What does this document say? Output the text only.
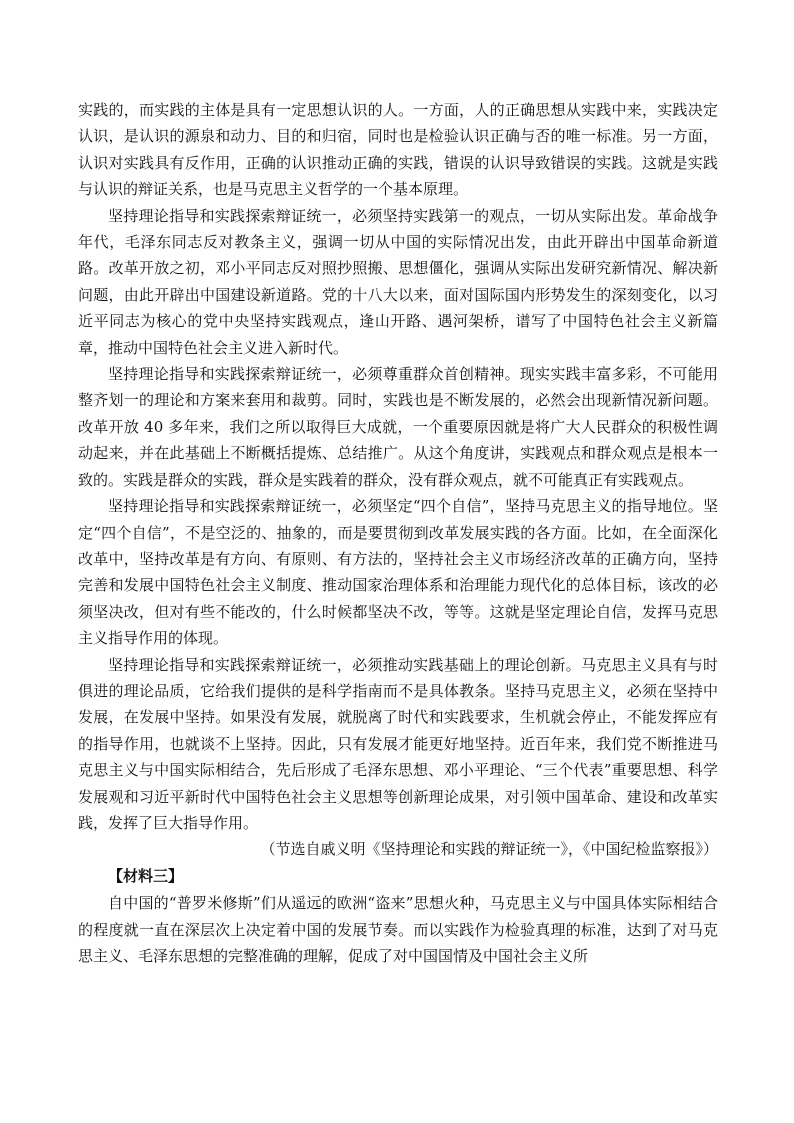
实践的，而实践的主体是具有一定思想认识的人。一方面，人的正确思想从实践中来，实践决定认识，是认识的源泉和动力、目的和归宿，同时也是检验认识正确与否的唯一标准。另一方面，认识对实践具有反作用，正确的认识推动正确的实践，错误的认识导致错误的实践。这就是实践与认识的辩证关系，也是马克思主义哲学的一个基本原理。

坚持理论指导和实践探索辩证统一，必须坚持实践第一的观点，一切从实际出发。革命战争年代，毛泽东同志反对教条主义，强调一切从中国的实际情况出发，由此开辟出中国革命新道路。改革开放之初，邓小平同志反对照抄照搬、思想僵化，强调从实际出发研究新情况、解决新问题，由此开辟出中国建设新道路。党的十八大以来，面对国际国内形势发生的深刻变化，以习近平同志为核心的党中央坚持实践观点，逢山开路、遇河架桥，谱写了中国特色社会主义新篇章，推动中国特色社会主义进入新时代。

坚持理论指导和实践探索辩证统一，必须尊重群众首创精神。现实实践丰富多彩，不可能用整齐划一的理论和方案来套用和裁剪。同时，实践也是不断发展的，必然会出现新情况新问题。改革开放 40 多年来，我们之所以取得巨大成就，一个重要原因就是将广大人民群众的积极性调动起来，并在此基础上不断概括提炼、总结推广。从这个角度讲，实践观点和群众观点是根本一致的。实践是群众的实践，群众是实践着的群众，没有群众观点，就不可能真正有实践观点。

坚持理论指导和实践探索辩证统一，必须坚定“四个自信”，坚持马克思主义的指导地位。坚定“四个自信”，不是空泛的、抽象的，而是要贯彻到改革发展实践的各方面。比如，在全面深化改革中，坚持改革是有方向、有原则、有方法的，坚持社会主义市场经济改革的正确方向，坚持完善和发展中国特色社会主义制度、推动国家治理体系和治理能力现代化的总体目标，该改的必须坚决改，但对有些不能改的，什么时候都坚决不改，等等。这就是坚定理论自信，发挥马克思主义指导作用的体现。

坚持理论指导和实践探索辩证统一，必须推动实践基础上的理论创新。马克思主义具有与时俱进的理论品质，它给我们提供的是科学指南而不是具体教条。坚持马克思主义，必须在坚持中发展，在发展中坚持。如果没有发展，就脱离了时代和实践要求，生机就会停止，不能发挥应有的指导作用，也就谈不上坚持。因此，只有发展才能更好地坚持。近百年来，我们党不断推进马克思主义与中国实际相结合，先后形成了毛泽东思想、邓小平理论、“三个代表”重要思想、科学发展观和习近平新时代中国特色社会主义思想等创新理论成果，对引领中国革命、建设和改革实践，发挥了巨大指导作用。

（节选自戚义明《坚持理论和实践的辩证统一》，《中国纪检监察报》）

【材料三】

自中国的“普罗米修斯”们从遥远的欧洲“盗来”思想火种，马克思主义与中国具体实际相结合的程度就一直在深层次上决定着中国的发展节奏。而以实践作为检验真理的标准，达到了对马克思主义、毛泽东思想的完整准确的理解，促成了对中国国情及中国社会主义所
